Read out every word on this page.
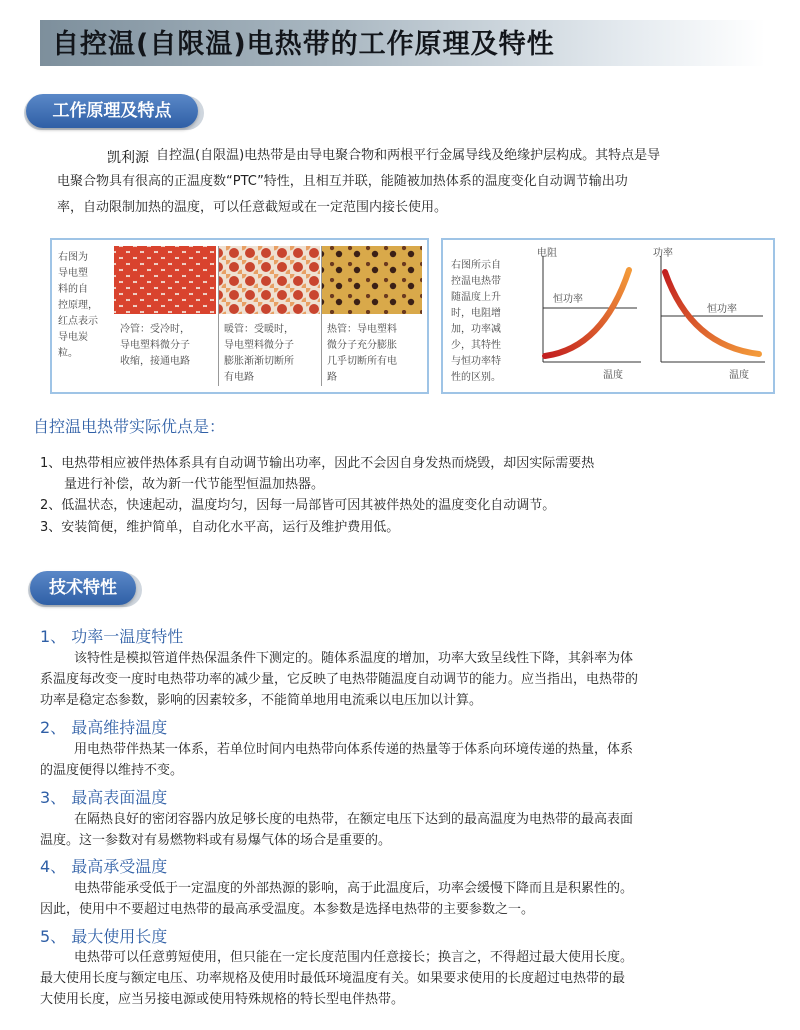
自控温(自限温)电热带的工作原理及特性
工作原理及特点
凯利源 自控温(自限温)电热带是由导电聚合物和两根平行金属导线及绝缘护层构成。其特点是导
电聚合物具有很高的正温度数“PTC”特性，且相互并联，能随被加热体系的温度变化自动调节输出功
率，自动限制加热的温度，可以任意截短或在一定范围内接长使用。
右图为
导电塑
料的自
控原理，
红点表示
导电炭
粒。
冷管：受冷时，
导电塑料微分子
收缩，接通电路
暖管：受暖时，
导电塑料微分子
膨胀渐渐切断所
有电路
热管：导电塑料
微分子充分膨胀
几乎切断所有电
路
右图所示自
控温电热带
随温度上升
时，电阻增
加，功率减
少，其特性
与恒功率特
性的区别。
电阻
恒功率
温度
功率
恒功率
温度
自控温电热带实际优点是：
1、电热带相应被伴热体系具有自动调节输出功率，因此不会因自身发热而烧毁，却因实际需要热
量进行补偿，故为新一代节能型恒温加热器。
2、低温状态，快速起动，温度均匀，因每一局部皆可因其被伴热处的温度变化自动调节。
3、安装简便，维护简单，自动化水平高，运行及维护费用低。
技术特性
1、 功率一温度特性
该特性是模拟管道伴热保温条件下测定的。随体系温度的增加，功率大致呈线性下降，其斜率为体
系温度每改变一度时电热带功率的减少量，它反映了电热带随温度自动调节的能力。应当指出，电热带的
功率是稳定态参数，影响的因素较多，不能简单地用电流乘以电压加以计算。
2、 最高维持温度
用电热带伴热某一体系，若单位时间内电热带向体系传递的热量等于体系向环境传递的热量，体系
的温度便得以维持不变。
3、 最高表面温度
在隔热良好的密闭容器内放足够长度的电热带，在额定电压下达到的最高温度为电热带的最高表面
温度。这一参数对有易燃物料或有易爆气体的场合是重要的。
4、 最高承受温度
电热带能承受低于一定温度的外部热源的影响，高于此温度后，功率会缓慢下降而且是积累性的。
因此，使用中不要超过电热带的最高承受温度。本参数是选择电热带的主要参数之一。
5、 最大使用长度
电热带可以任意剪短使用，但只能在一定长度范围内任意接长；换言之，不得超过最大使用长度。
最大使用长度与额定电压、功率规格及使用时最低环境温度有关。如果要求使用的长度超过电热带的最
大使用长度，应当另接电源或使用特殊规格的特长型电伴热带。
